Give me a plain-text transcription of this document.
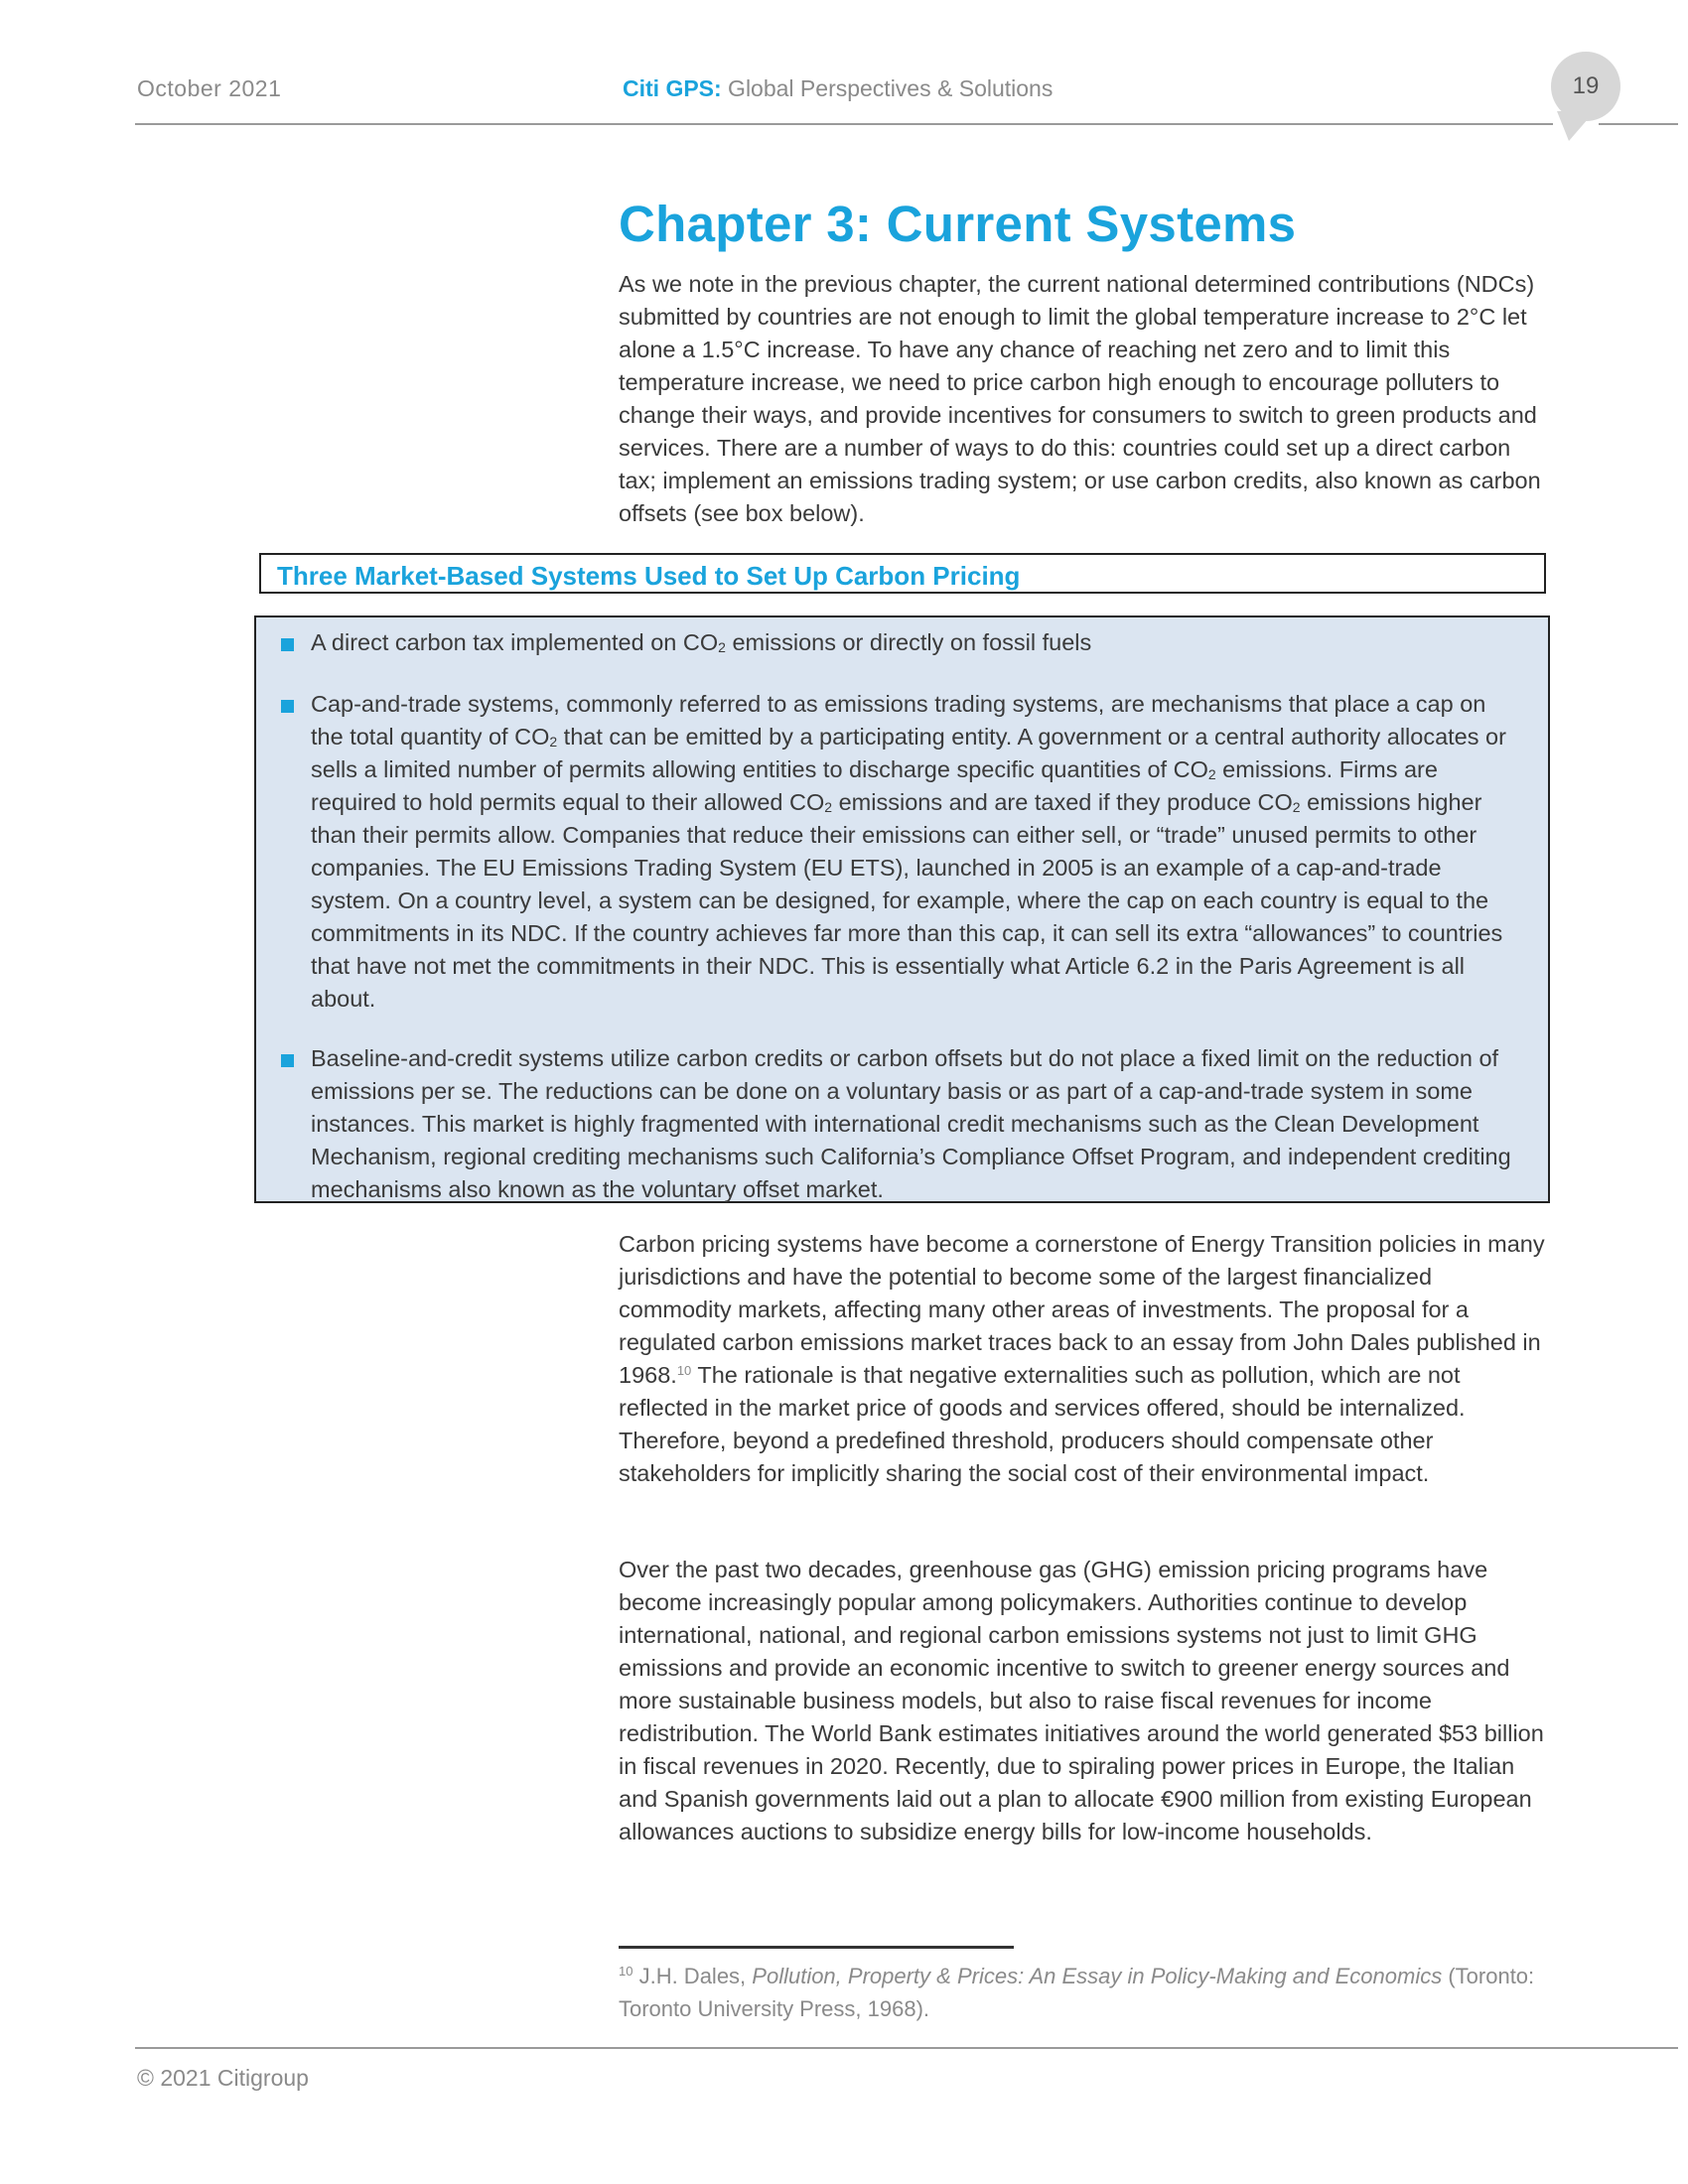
October 2021	Citi GPS: Global Perspectives & Solutions	19
Chapter 3: Current Systems

As we note in the previous chapter, the current national determined contributions (NDCs) submitted by countries are not enough to limit the global temperature increase to 2°C let alone a 1.5°C increase. To have any chance of reaching net zero and to limit this temperature increase, we need to price carbon high enough to encourage polluters to change their ways, and provide incentives for consumers to switch to green products and services. There are a number of ways to do this: countries could set up a direct carbon tax; implement an emissions trading system; or use carbon credits, also known as carbon offsets (see box below).

Three Market-Based Systems Used to Set Up Carbon Pricing
A direct carbon tax implemented on $CO_2$ emissions or directly on fossil fuels
Cap-and-trade systems, commonly referred to as emissions trading systems, are mechanisms that place a cap on the total quantity of $CO_2$ that can be emitted by a participating entity. A government or a central authority allocates or sells a limited number of permits allowing entities to discharge specific quantities of $CO_2$ emissions. Firms are required to hold permits equal to their allowed $CO_2$ emissions and are taxed if they produce $CO_2$ emissions higher than their permits allow. Companies that reduce their emissions can either sell, or “trade” unused permits to other companies. The EU Emissions Trading System (EU ETS), launched in 2005 is an example of a cap-and-trade system. On a country level, a system can be designed, for example, where the cap on each country is equal to the commitments in its NDC. If the country achieves far more than this cap, it can sell its extra “allowances” to countries that have not met the commitments in their NDC. This is essentially what Article 6.2 in the Paris Agreement is all about.
Baseline-and-credit systems utilize carbon credits or carbon offsets but do not place a fixed limit on the reduction of emissions per se. The reductions can be done on a voluntary basis or as part of a cap-and-trade system in some instances. This market is highly fragmented with international credit mechanisms such as the Clean Development Mechanism, regional crediting mechanisms such California’s Compliance Offset Program, and independent crediting mechanisms also known as the voluntary offset market.

Carbon pricing systems have become a cornerstone of Energy Transition policies in many jurisdictions and have the potential to become some of the largest financialized commodity markets, affecting many other areas of investments. The proposal for a regulated carbon emissions market traces back to an essay from John Dales published in 1968.10 The rationale is that negative externalities such as pollution, which are not reflected in the market price of goods and services offered, should be internalized. Therefore, beyond a predefined threshold, producers should compensate other stakeholders for implicitly sharing the social cost of their environmental impact.

Over the past two decades, greenhouse gas (GHG) emission pricing programs have become increasingly popular among policymakers. Authorities continue to develop international, national, and regional carbon emissions systems not just to limit GHG emissions and provide an economic incentive to switch to greener energy sources and more sustainable business models, but also to raise fiscal revenues for income redistribution. The World Bank estimates initiatives around the world generated $53 billion in fiscal revenues in 2020. Recently, due to spiraling power prices in Europe, the Italian and Spanish governments laid out a plan to allocate €900 million from existing European allowances auctions to subsidize energy bills for low-income households.

$^{10}$ J.H. Dales, Pollution, Property & Prices: An Essay in Policy-Making and Economics (Toronto: Toronto University Press, 1968).
© 2021 Citigroup
